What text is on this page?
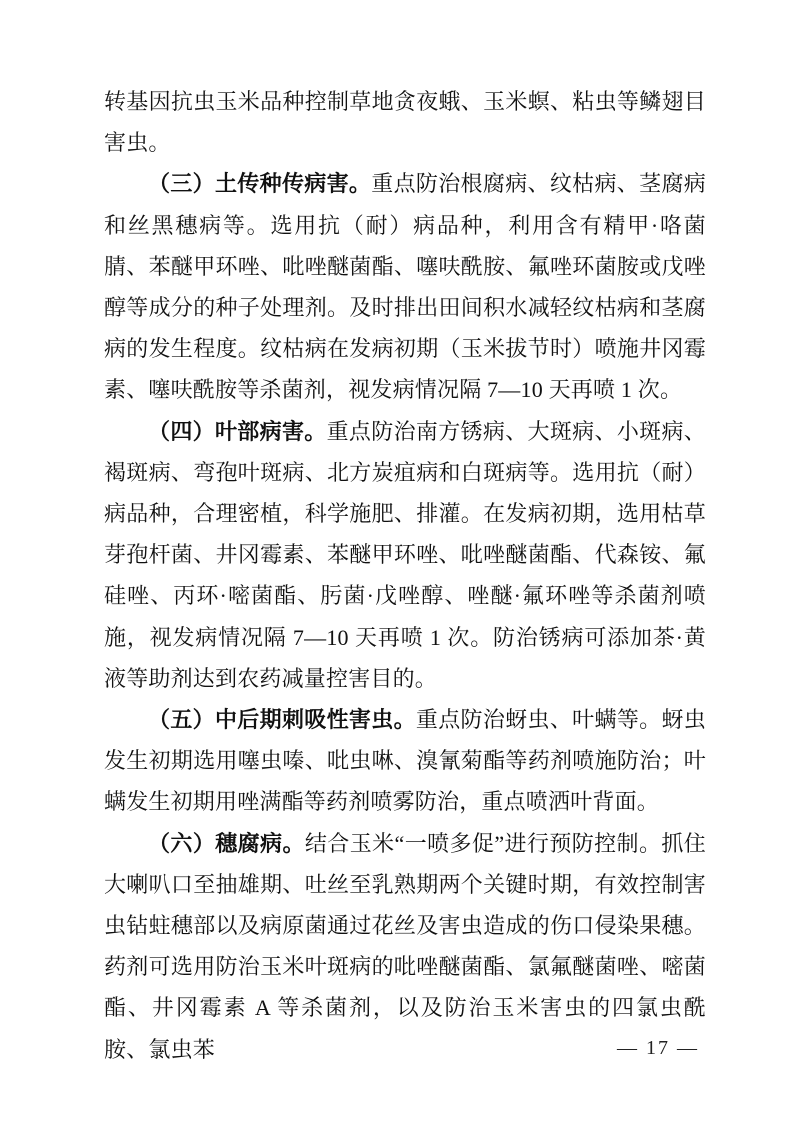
转基因抗虫玉米品种控制草地贪夜蛾、玉米螟、粘虫等鳞翅目害虫。

（三）土传种传病害。重点防治根腐病、纹枯病、茎腐病和丝黑穗病等。选用抗（耐）病品种，利用含有精甲·咯菌腈、苯醚甲环唑、吡唑醚菌酯、噻呋酰胺、氟唑环菌胺或戊唑醇等成分的种子处理剂。及时排出田间积水减轻纹枯病和茎腐病的发生程度。纹枯病在发病初期（玉米拔节时）喷施井冈霉素、噻呋酰胺等杀菌剂，视发病情况隔 7—10 天再喷 1 次。

（四）叶部病害。重点防治南方锈病、大斑病、小斑病、褐斑病、弯孢叶斑病、北方炭疽病和白斑病等。选用抗（耐）病品种，合理密植，科学施肥、排灌。在发病初期，选用枯草芽孢杆菌、井冈霉素、苯醚甲环唑、吡唑醚菌酯、代森铵、氟硅唑、丙环·嘧菌酯、肟菌·戊唑醇、唑醚·氟环唑等杀菌剂喷施，视发病情况隔 7—10 天再喷 1 次。防治锈病可添加茶·黄液等助剂达到农药减量控害目的。

（五）中后期刺吸性害虫。重点防治蚜虫、叶螨等。蚜虫发生初期选用噻虫嗪、吡虫啉、溴氰菊酯等药剂喷施防治；叶螨发生初期用唑满酯等药剂喷雾防治，重点喷洒叶背面。

（六）穗腐病。结合玉米“一喷多促”进行预防控制。抓住大喇叭口至抽雄期、吐丝至乳熟期两个关键时期，有效控制害虫钻蛀穗部以及病原菌通过花丝及害虫造成的伤口侵染果穗。药剂可选用防治玉米叶斑病的吡唑醚菌酯、氯氟醚菌唑、嘧菌酯、井冈霉素 A 等杀菌剂，以及防治玉米害虫的四氯虫酰胺、氯虫苯	— 17 —
